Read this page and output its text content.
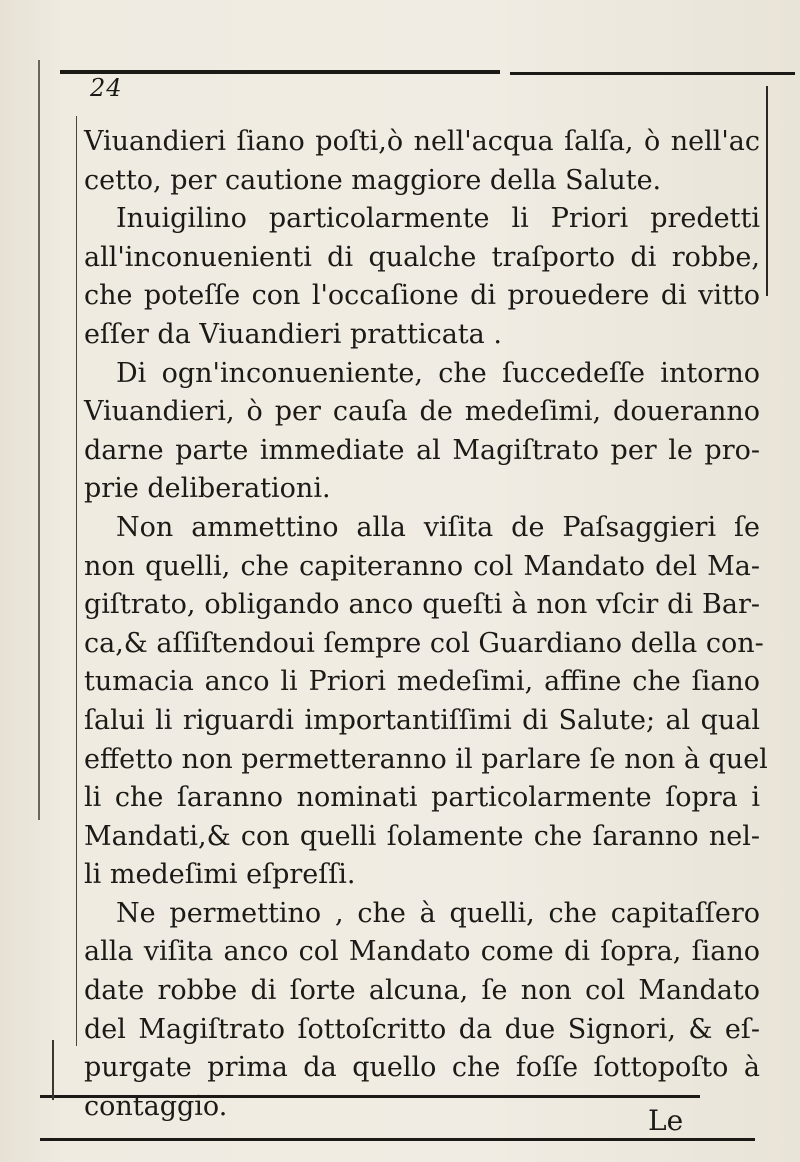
24
Viuandieri ſiano poſti,ò nell'acqua ſalſa, ò nell'ac
cetto, per cautione maggiore della Salute.
Inuigilino particolarmente li Priori predetti
all'inconuenienti di qualche traſporto di robbe,
che poteſſe con l'occaſione di prouedere di vitto
eſſer da Viuandieri pratticata .
Di ogn'inconueniente, che ſuccedeſſe intorno
Viuandieri, ò per cauſa de medeſimi, doueranno
darne parte immediate al Magiſtrato per le pro-
prie deliberationi.
Non ammettino alla viſita de Paſsaggieri ſe
non quelli, che capiteranno col Mandato del Ma-
giſtrato, obligando anco queſti à non vſcir di Bar-
ca,& aſſiſtendoui ſempre col Guardiano della con-
tumacia anco li Priori medeſimi, affine che ſiano
ſalui li riguardi importantiſſimi di Salute; al qual
effetto non permetteranno il parlare ſe non à quel
li che ſaranno nominati particolarmente ſopra i
Mandati,& con quelli ſolamente che ſaranno nel-
li medeſimi eſpreſſi.
Ne permettino , che à quelli, che capitaſſero
alla viſita anco col Mandato come di ſopra, ſiano
date robbe di ſorte alcuna, ſe non col Mandato
del Magiſtrato ſottoſcritto da due Signori, & eſ-
purgate prima da quello che foſſe ſottopoſto à
contaggio.	Le
